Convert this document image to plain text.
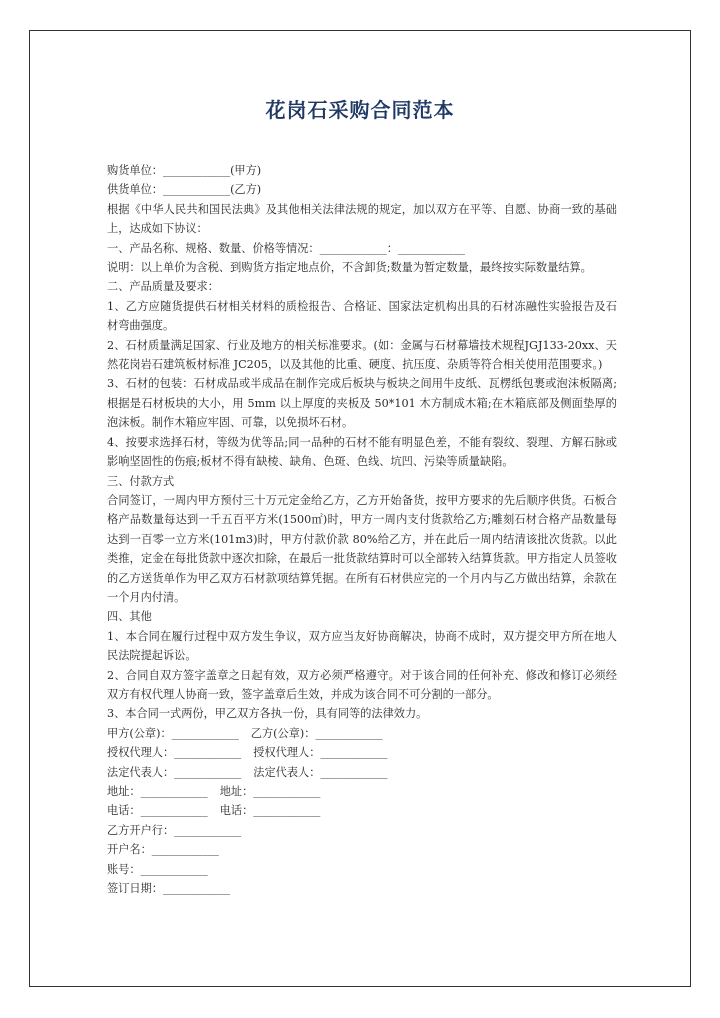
花岗石采购合同范本

购货单位：____________(甲方)

供货单位：____________(乙方)

根据《中华人民共和国民法典》及其他相关法律法规的规定，加以双方在平等、自愿、协商一致的基础上，达成如下协议：

一、产品名称、规格、数量、价格等情况：____________：____________

说明：以上单价为含税、到购货方指定地点价，不含卸货;数量为暂定数量，最终按实际数量结算。

二、产品质量及要求：

1、乙方应随货提供石材相关材料的质检报告、合格证、国家法定机构出具的石材冻融性实验报告及石材弯曲强度。

2、石材质量满足国家、行业及地方的相关标准要求。(如：金属与石材幕墙技术规程JGJ133-20xx、天然花岗岩石建筑板材标准 JC205，以及其他的比重、硬度、抗压度、杂质等符合相关使用范围要求。)

3、石材的包装：石材成品或半成品在制作完成后板块与板块之间用牛皮纸、瓦楞纸包裹或泡沫板隔离;根据是石材板块的大小，用 5mm 以上厚度的夹板及 50*101 木方制成木箱;在木箱底部及侧面垫厚的泡沫板。制作木箱应牢固、可靠，以免损坏石材。

4、按要求选择石材，等级为优等品;同一品种的石材不能有明显色差，不能有裂纹、裂理、方解石脉或影响坚固性的伤痕;板材不得有缺棱、缺角、色斑、色线、坑凹、污染等质量缺陷。

三、付款方式

合同签订，一周内甲方预付三十万元定金给乙方，乙方开始备货，按甲方要求的先后顺序供货。石板合格产品数量每达到一千五百平方米(1500㎡)时，甲方一周内支付货款给乙方;雕刻石材合格产品数量每达到一百零一立方米(101m3)时，甲方付款价款 80%给乙方，并在此后一周内结清该批次货款。以此类推，定金在每批货款中逐次扣除，在最后一批货款结算时可以全部转入结算货款。甲方指定人员签收的乙方送货单作为甲乙双方石材款项结算凭据。在所有石材供应完的一个月内与乙方做出结算，余款在一个月内付清。

四、其他

1、本合同在履行过程中双方发生争议，双方应当友好协商解决，协商不成时，双方提交甲方所在地人民法院提起诉讼。

2、合同自双方签字盖章之日起有效，双方必须严格遵守。对于该合同的任何补充、修改和修订必须经双方有权代理人协商一致，签字盖章后生效，并成为该合同不可分割的一部分。

3、本合同一式两份，甲乙双方各执一份，具有同等的法律效力。

甲方(公章)：____________ 乙方(公章)：____________
授权代理人：____________ 授权代理人：____________
法定代表人：____________ 法定代表人：____________
地址：____________ 地址：____________
电话：____________ 电话：____________
乙方开户行：____________
开户名：____________
账号：____________
签订日期：____________
